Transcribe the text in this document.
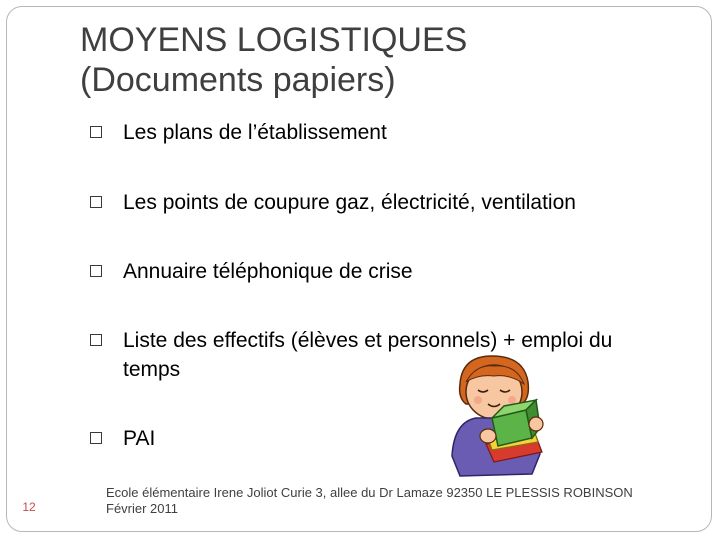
MOYENS LOGISTIQUES
(Documents papiers)
Les plans de l’établissement
Les points de coupure gaz, électricité, ventilation
Annuaire téléphonique de crise
Liste des effectifs (élèves et personnels) + emploi du temps
PAI
12
Ecole élémentaire Irene Joliot Curie 3, allee du Dr Lamaze 92350 LE PLESSIS ROBINSON
Février 2011
